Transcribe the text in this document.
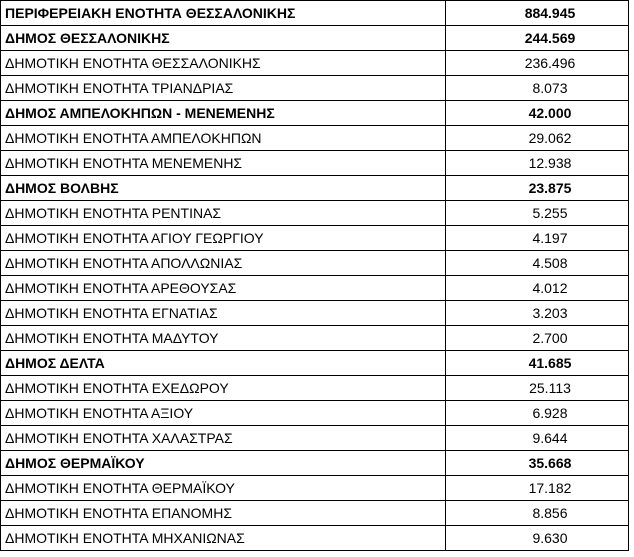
ΠΕΡΙΦΕΡΕΙΑΚΗ ΕΝΟΤΗΤΑ ΘΕΣΣΑΛΟΝΙΚΗΣ	884.945
ΔΗΜΟΣ ΘΕΣΣΑΛΟΝΙΚΗΣ	244.569
ΔΗΜΟΤΙΚΗ ΕΝΟΤΗΤΑ ΘΕΣΣΑΛΟΝΙΚΗΣ	236.496
ΔΗΜΟΤΙΚΗ ΕΝΟΤΗΤΑ ΤΡΙΑΝΔΡΙΑΣ	8.073
ΔΗΜΟΣ ΑΜΠΕΛΟΚΗΠΩΝ - ΜΕΝΕΜΕΝΗΣ	42.000
ΔΗΜΟΤΙΚΗ ΕΝΟΤΗΤΑ ΑΜΠΕΛΟΚΗΠΩΝ	29.062
ΔΗΜΟΤΙΚΗ ΕΝΟΤΗΤΑ ΜΕΝΕΜΕΝΗΣ	12.938
ΔΗΜΟΣ ΒΟΛΒΗΣ	23.875
ΔΗΜΟΤΙΚΗ ΕΝΟΤΗΤΑ ΡΕΝΤΙΝΑΣ	5.255
ΔΗΜΟΤΙΚΗ ΕΝΟΤΗΤΑ ΑΓΙΟΥ ΓΕΩΡΓΙΟΥ	4.197
ΔΗΜΟΤΙΚΗ ΕΝΟΤΗΤΑ ΑΠΟΛΛΩΝΙΑΣ	4.508
ΔΗΜΟΤΙΚΗ ΕΝΟΤΗΤΑ ΑΡΕΘΟΥΣΑΣ	4.012
ΔΗΜΟΤΙΚΗ ΕΝΟΤΗΤΑ ΕΓΝΑΤΙΑΣ	3.203
ΔΗΜΟΤΙΚΗ ΕΝΟΤΗΤΑ ΜΑΔΥΤΟΥ	2.700
ΔΗΜΟΣ ΔΕΛΤΑ	41.685
ΔΗΜΟΤΙΚΗ ΕΝΟΤΗΤΑ ΕΧΕΔΩΡΟΥ	25.113
ΔΗΜΟΤΙΚΗ ΕΝΟΤΗΤΑ ΑΞΙΟΥ	6.928
ΔΗΜΟΤΙΚΗ ΕΝΟΤΗΤΑ ΧΑΛΑΣΤΡΑΣ	9.644
ΔΗΜΟΣ ΘΕΡΜΑΪΚΟΥ	35.668
ΔΗΜΟΤΙΚΗ ΕΝΟΤΗΤΑ ΘΕΡΜΑΪΚΟΥ	17.182
ΔΗΜΟΤΙΚΗ ΕΝΟΤΗΤΑ ΕΠΑΝΟΜΗΣ	8.856
ΔΗΜΟΤΙΚΗ ΕΝΟΤΗΤΑ ΜΗΧΑΝΙΩΝΑΣ	9.630
